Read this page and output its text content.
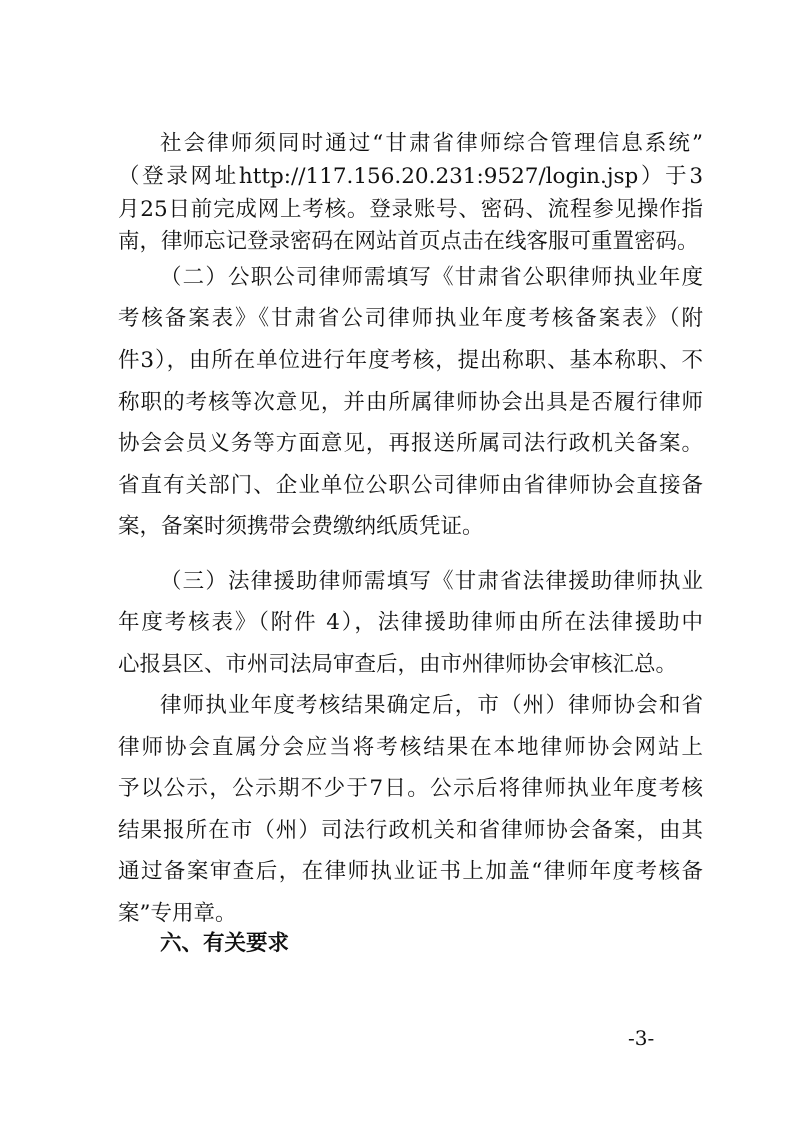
社会律师须同时通过“甘肃省律师综合管理信息系统”
（登录网址http://117.156.20.231:9527/login.jsp）于3
月25日前完成网上考核。登录账号、密码、流程参见操作指
南，律师忘记登录密码在网站首页点击在线客服可重置密码。
（二）公职公司律师需填写《甘肃省公职律师执业年度
考核备案表》《甘肃省公司律师执业年度考核备案表》（附
件3），由所在单位进行年度考核，提出称职、基本称职、不
称职的考核等次意见，并由所属律师协会出具是否履行律师
协会会员义务等方面意见，再报送所属司法行政机关备案。
省直有关部门、企业单位公职公司律师由省律师协会直接备
案，备案时须携带会费缴纳纸质凭证。
（三）法律援助律师需填写《甘肃省法律援助律师执业
年度考核表》（附件 4），法律援助律师由所在法律援助中
心报县区、市州司法局审查后，由市州律师协会审核汇总。
律师执业年度考核结果确定后，市（州）律师协会和省
律师协会直属分会应当将考核结果在本地律师协会网站上
予以公示，公示期不少于7日。公示后将律师执业年度考核
结果报所在市（州）司法行政机关和省律师协会备案，由其
通过备案审查后，在律师执业证书上加盖“律师年度考核备
案”专用章。
六、有关要求
-3-
